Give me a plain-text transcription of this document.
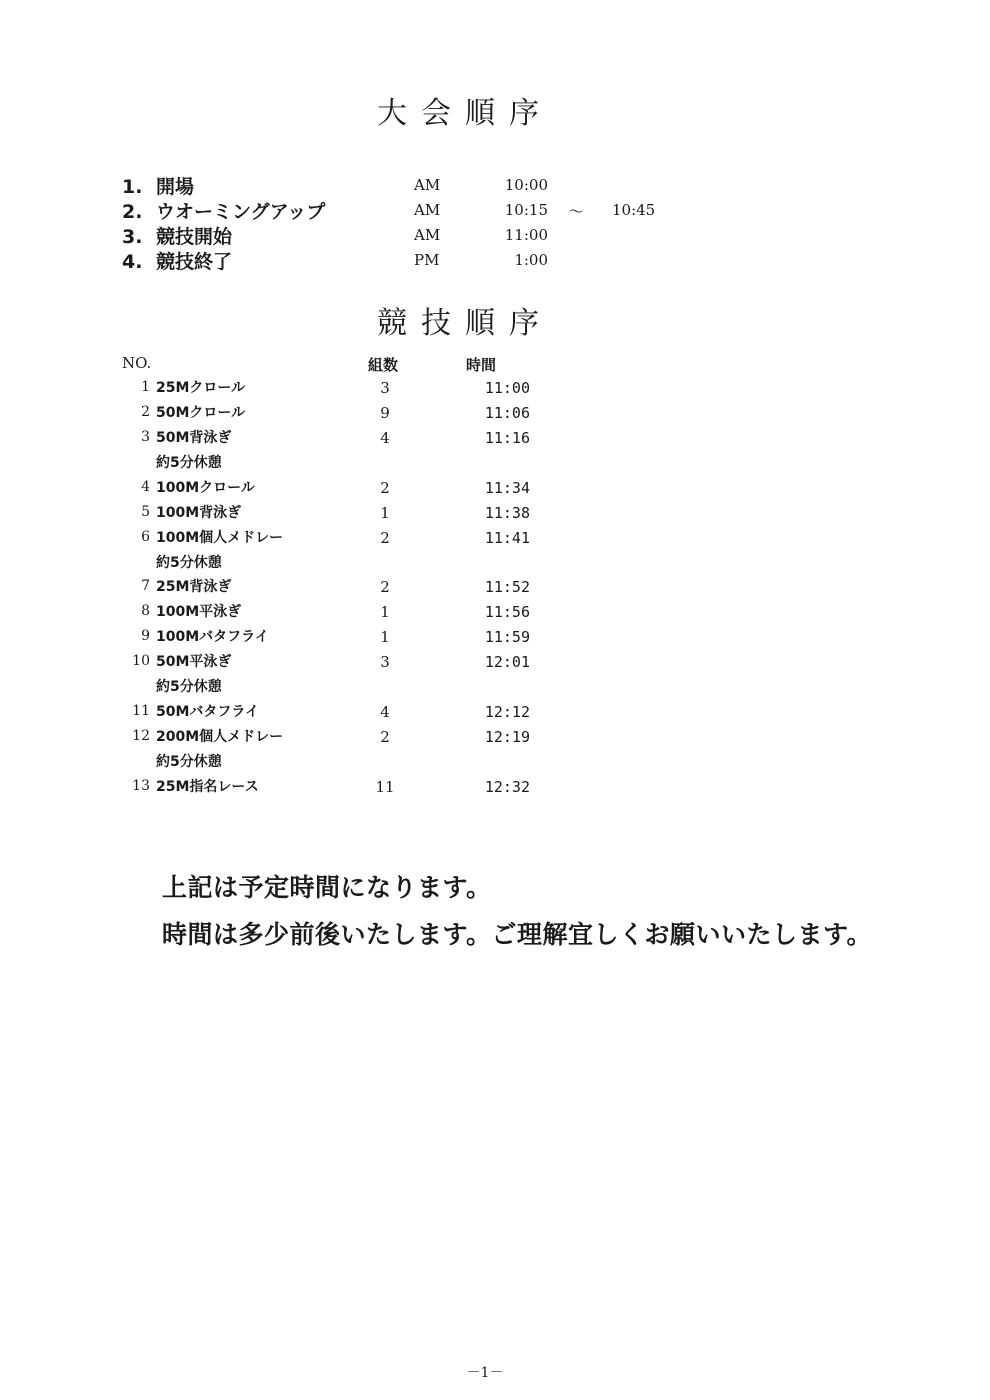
大会順序
1. 開場	AM	10:00
2. ウオーミングアップ	AM	10:15 ～ 10:45
3. 競技開始	AM	11:00
4. 競技終了	PM	1:00
競技順序
NO.	組数	時間
1 25Mクロール	3	11:00
2 50Mクロール	9	11:06
3 50M背泳ぎ	4	11:16
約5分休憩
4 100Mクロール	2	11:34
5 100M背泳ぎ	1	11:38
6 100M個人メドレー	2	11:41
約5分休憩
7 25M背泳ぎ	2	11:52
8 100M平泳ぎ	1	11:56
9 100Mバタフライ	1	11:59
10 50M平泳ぎ	3	12:01
約5分休憩
11 50Mバタフライ	4	12:12
12 200M個人メドレー	2	12:19
約5分休憩
13 25M指名レース	11	12:32
上記は予定時間になります。
時間は多少前後いたします。ご理解宜しくお願いいたします。
－1－
